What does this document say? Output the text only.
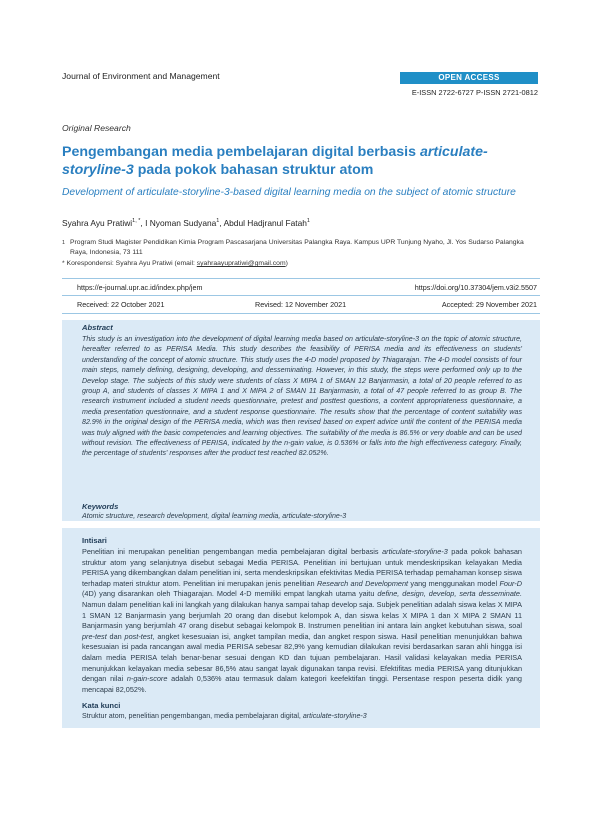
Journal of Environment and Management	OPEN ACCESS
E-ISSN 2722-6727 P-ISSN 2721-0812
Original Research
Pengembangan media pembelajaran digital berbasis articulate-storyline-3 pada pokok bahasan struktur atom
Development of articulate-storyline-3-based digital learning media on the subject of atomic structure
Syahra Ayu Pratiwi$^{1, *}$, I Nyoman Sudyana$^1$, Abdul Hadjranul Fatah$^1$
1 Program Studi Magister Pendidikan Kimia Program Pascasarjana Universitas Palangka Raya. Kampus UPR Tunjung Nyaho, Jl. Yos Sudarso Palangka Raya, Indonesia, 73 111
* Korespondensi: Syahra Ayu Pratiwi (email: syahraayupratiwi@gmail.com)
https://e-journal.upr.ac.id/index.php/jem	https://doi.org/10.37304/jem.v3i2.5507
Received: 22 October 2021	Revised: 12 November 2021	Accepted: 29 November 2021
Abstract
This study is an investigation into the development of digital learning media based on articulate-storyline-3 on the topic of atomic structure, hereafter referred to as PERISA Media. This study describes the feasibility of PERISA media and its effectiveness on students' understanding of the concept of atomic structure. This study uses the 4-D model proposed by Thiagarajan. The 4-D model consists of four main steps, namely defining, designing, developing, and desseminating. However, in this study, the steps were performed only up to the Develop stage. The subjects of this study were students of class X MIPA 1 of SMAN 12 Banjarmasin, a total of 20 people referred to as group A, and students of classes X MIPA 1 and X MIPA 2 of SMAN 11 Banjarmasin, a total of 47 people referred to as group B. The research instrument included a student needs questionnaire, pretest and posttest questions, a content appropriateness questionnaire, a media presentation questionnaire, and a student response questionnaire. The results show that the percentage of content suitability was 82.9% in the original design of the PERISA media, which was then revised based on expert advice until the content of the PERISA media was truly aligned with the basic competencies and learning objectives. The suitability of the media is 86.5% or very doable and can be used without revision. The effectiveness of PERISA, indicated by the n-gain value, is 0.536% or falls into the high effectiveness category. Finally, the percentage of students' responses after the product test reached 82.052%.
Keywords
Atomic structure, research development, digital learning media, articulate-storyline-3
Intisari
Penelitian ini merupakan penelitian pengembangan media pembelajaran digital berbasis articulate-storyline-3 pada pokok bahasan struktur atom yang selanjutnya disebut sebagai Media PERISA. Penelitian ini bertujuan untuk mendeskripsikan kelayakan Media PERISA yang dikembangkan dalam penelitian ini, serta mendeskripsikan efektivitas Media PERISA terhadap pemahaman konsep siswa terhadap materi struktur atom. Penelitian ini merupakan jenis penelitian Research and Development yang menggunakan model Four-D (4D) yang disarankan oleh Thiagarajan. Model 4-D memiliki empat langkah utama yaitu define, design, develop, serta desseminate. Namun dalam penelitian kali ini langkah yang dilakukan hanya sampai tahap develop saja. Subjek penelitian adalah siswa kelas X MIPA 1 SMAN 12 Banjarmasin yang berjumlah 20 orang dan disebut kelompok A, dan siswa kelas X MIPA 1 dan X MIPA 2 SMAN 11 Banjarmasin yang berjumlah 47 orang disebut sebagai kelompok B. Instrumen penelitian ini antara lain angket kebutuhan siswa, soal pre-test dan post-test, angket kesesuaian isi, angket tampilan media, dan angket respon siswa. Hasil penelitian menunjukkan bahwa kesesuaian isi pada rancangan awal media PERISA sebesar 82,9% yang kemudian dilakukan revisi berdasarkan saran ahli hingga isi dalam media PERISA telah benar-benar sesuai dengan KD dan tujuan pembelajaran. Hasil validasi kelayakan media PERISA menunjukkan kelayakan media sebesar 86,5% atau sangat layak digunakan tanpa revisi. Efektifitas media PERISA yang ditunjukkan dengan nilai n-gain-score adalah 0,536% atau termasuk dalam kategori keefektifan tinggi. Persentase respon peserta didik yang mencapai 82,052%.
Kata kunci
Struktur atom, penelitian pengembangan, media pembelajaran digital, articulate-storyline-3
